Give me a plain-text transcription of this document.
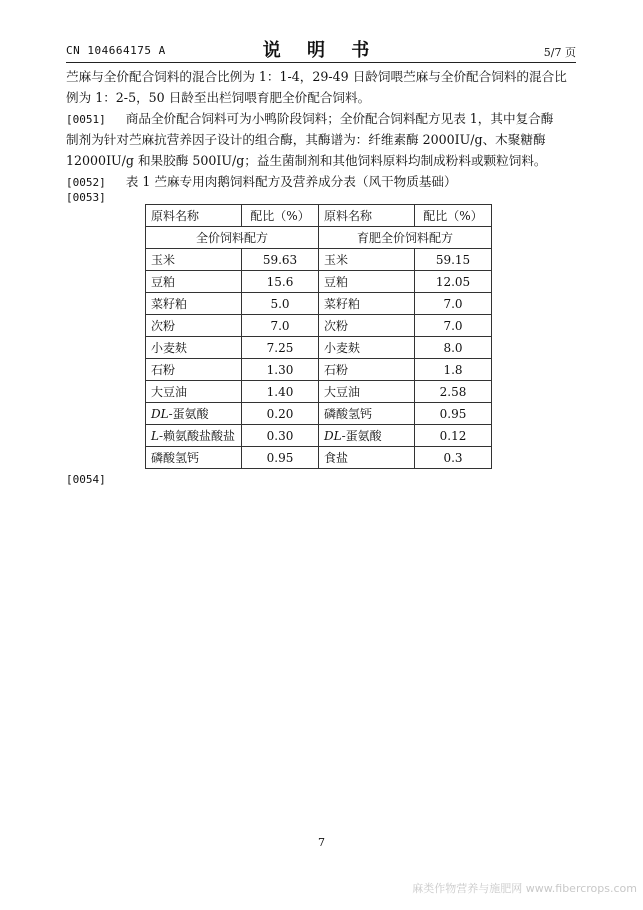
CN 104664175 A	说 明 书	5/7 页

苎麻与全价配合饲料的混合比例为 1：1-4，29-49 日龄饲喂苎麻与全价配合饲料的混合比

例为 1：2-5，50 日龄至出栏饲喂育肥全价配合饲料。

[0051] 商品全价配合饲料可为小鸭阶段饲料；全价配合饲料配方见表 1，其中复合酶

制剂为针对苎麻抗营养因子设计的组合酶，其酶谱为：纤维素酶 2000IU/g、木聚糖酶

12000IU/g 和果胶酶 500IU/g；益生菌制剂和其他饲料原料均制成粉料或颗粒饲料。

[0052] 表 1 苎麻专用肉鹅饲料配方及营养成分表（风干物质基础）

[0053]

原料名称	配比（%）	原料名称	配比（%）
全价饲料配方		育肥全价饲料配方	
玉米	59.63	玉米	59.15
豆粕	15.6	豆粕	12.05
菜籽粕	5.0	菜籽粕	7.0
次粉	7.0	次粉	7.0
小麦麸	7.25	小麦麸	8.0
石粉	1.30	石粉	1.8
大豆油	1.40	大豆油	2.58
DL-蛋氨酸	0.20	磷酸氢钙	0.95
L-赖氨酸盐酸盐	0.30	DL-蛋氨酸	0.12
磷酸氢钙	0.95	食盐	0.3

[0054]

7
麻类作物营养与施肥网 www.fibercrops.com
